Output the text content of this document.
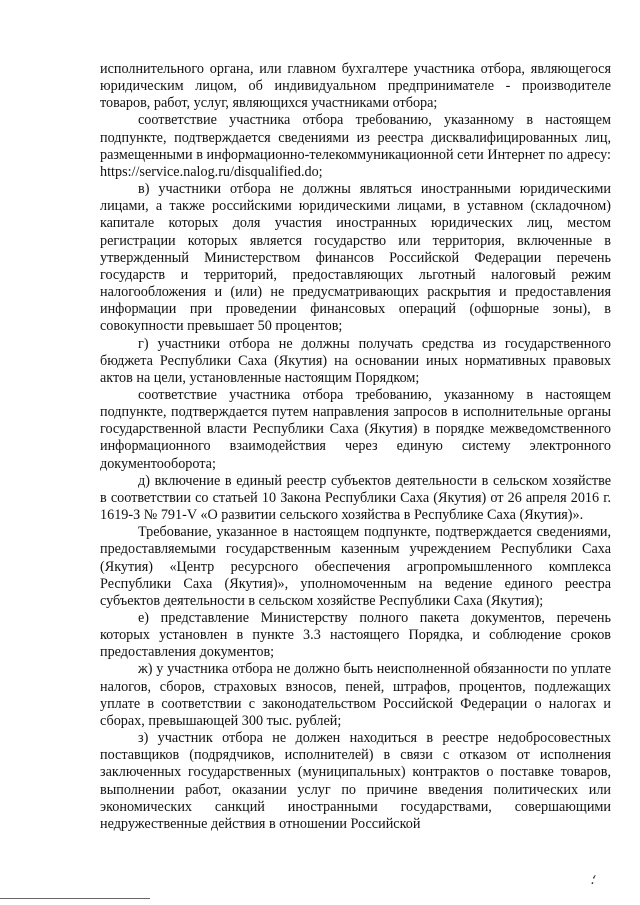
исполнительного органа, или главном бухгалтере участника отбора, являющегося юридическим лицом, об индивидуальном предпринимателе - производителе товаров, работ, услуг, являющихся участниками отбора;

соответствие участника отбора требованию, указанному в настоящем подпункте, подтверждается сведениями из реестра дисквалифицированных лиц, размещенными в информационно-телекоммуникационной сети Интернет по адресу: https://service.nalog.ru/disqualified.do;

в) участники отбора не должны являться иностранными юридическими лицами, а также российскими юридическими лицами, в уставном (складочном) капитале которых доля участия иностранных юридических лиц, местом регистрации которых является государство или территория, включенные в утвержденный Министерством финансов Российской Федерации перечень государств и территорий, предоставляющих льготный налоговый режим налогообложения и (или) не предусматривающих раскрытия и предоставления информации при проведении финансовых операций (офшорные зоны), в совокупности превышает 50 процентов;

г) участники отбора не должны получать средства из государственного бюджета Республики Саха (Якутия) на основании иных нормативных правовых актов на цели, установленные настоящим Порядком;

соответствие участника отбора требованию, указанному в настоящем подпункте, подтверждается путем направления запросов в исполнительные органы государственной власти Республики Саха (Якутия) в порядке межведомственного информационного взаимодействия через единую систему электронного документооборота;

д) включение в единый реестр субъектов деятельности в сельском хозяйстве в соответствии со статьей 10 Закона Республики Саха (Якутия) от 26 апреля 2016 г. 1619-З № 791-V «О развитии сельского хозяйства в Республике Саха (Якутия)».

Требование, указанное в настоящем подпункте, подтверждается сведениями, предоставляемыми государственным казенным учреждением Республики Саха (Якутия) «Центр ресурсного обеспечения агропромышленного комплекса Республики Саха (Якутия)», уполномоченным на ведение единого реестра субъектов деятельности в сельском хозяйстве Республики Саха (Якутия);

е) представление Министерству полного пакета документов, перечень которых установлен в пункте 3.3 настоящего Порядка, и соблюдение сроков предоставления документов;

ж) у участника отбора не должно быть неисполненной обязанности по уплате налогов, сборов, страховых взносов, пеней, штрафов, процентов, подлежащих уплате в соответствии с законодательством Российской Федерации о налогах и сборах, превышающей 300 тыс. рублей;

з) участник отбора не должен находиться в реестре недобросовестных поставщиков (подрядчиков, исполнителей) в связи с отказом от исполнения заключенных государственных (муниципальных) контрактов о поставке товаров, выполнении работ, оказании услуг по причине введения политических или экономических санкций иностранными государствами, совершающими недружественные действия в отношении Российской

؛
